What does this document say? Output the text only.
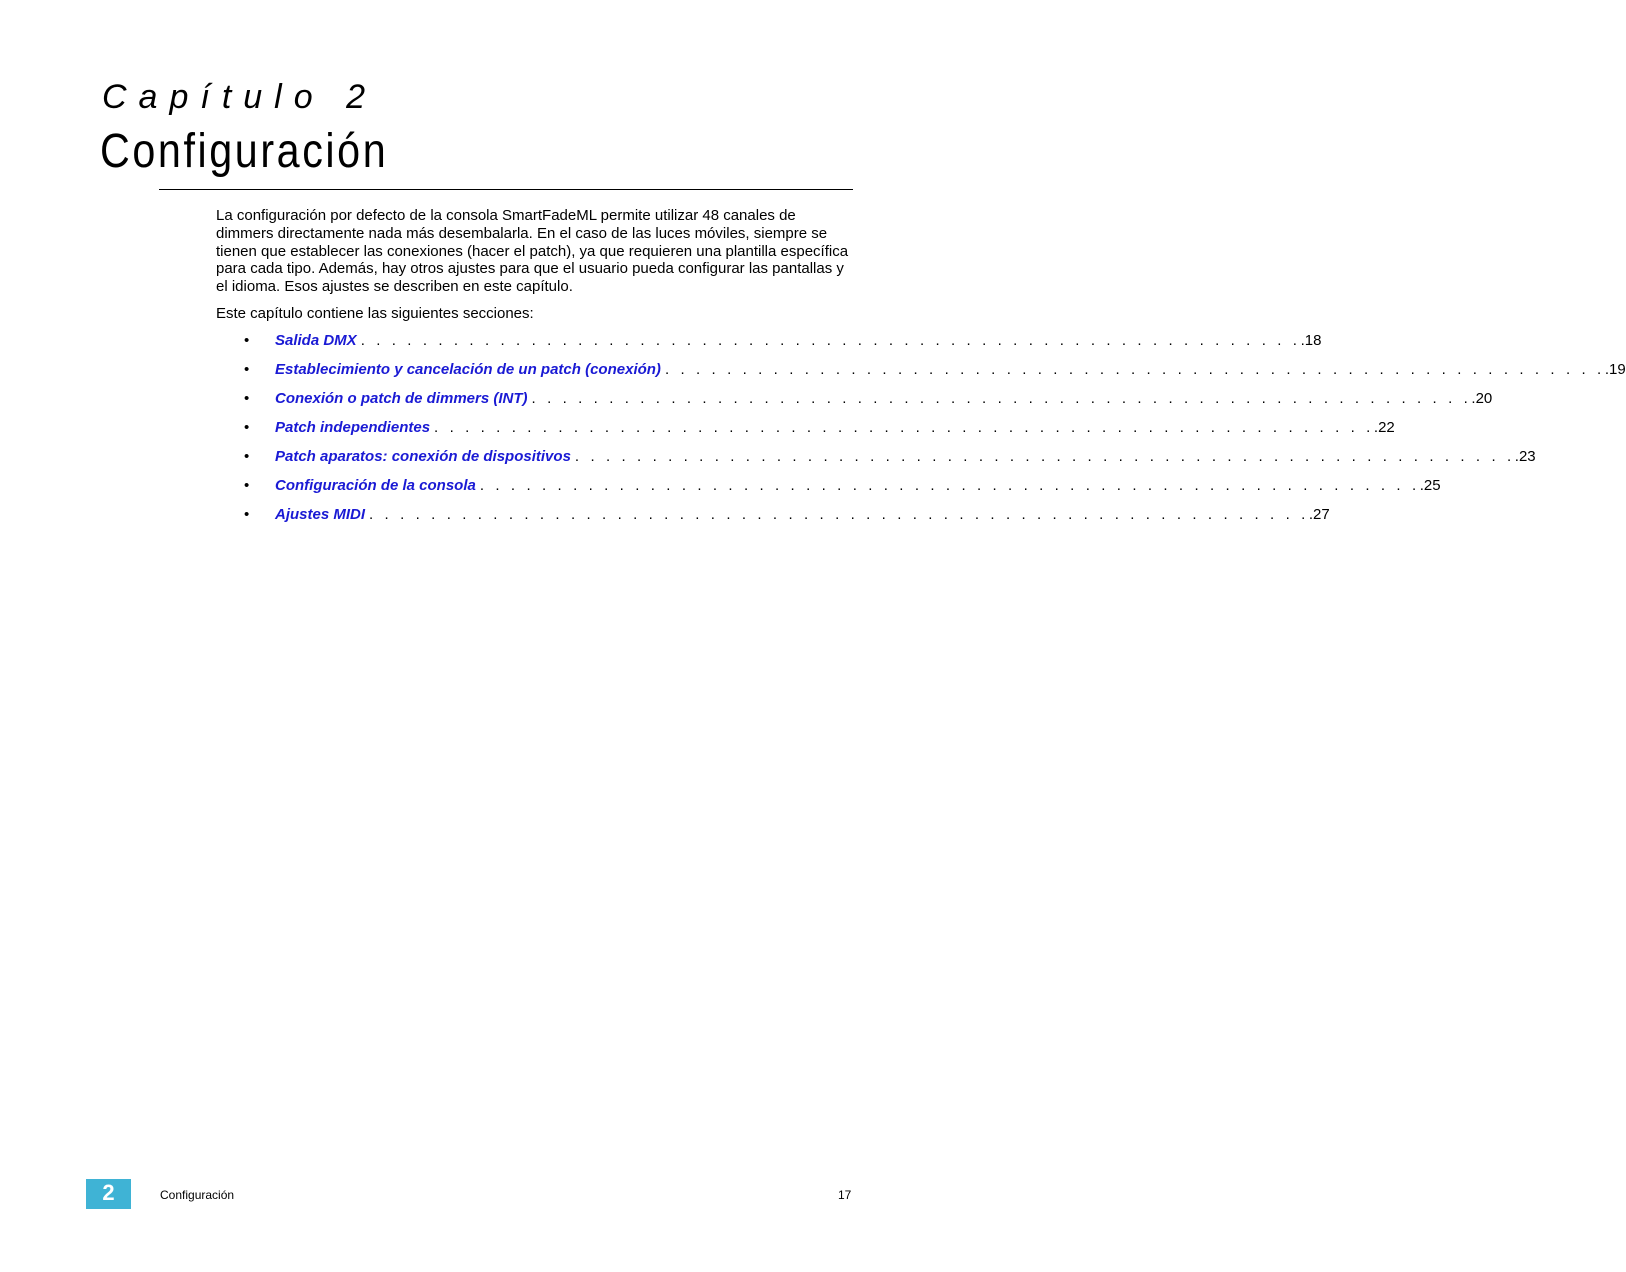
Capítulo 2
Configuración

La configuración por defecto de la consola SmartFadeML permite utilizar 48 canales de dimmers directamente nada más desembalarla. En el caso de las luces móviles, siempre se tienen que establecer las conexiones (hacer el patch), ya que requieren una plantilla específica para cada tipo. Además, hay otros ajustes para que el usuario pueda configurar las pantallas y el idioma. Esos ajustes se describen en este capítulo.

Este capítulo contiene las siguientes secciones:

• Salida DMX . . . . . . . . . . . . . . . . . . . . . . . . . . . . . . . . . . . . . . . . . . . . . . . . . . . . . . . . . . . . . .18
• Establecimiento y cancelación de un patch (conexión) . . . . . . . . . . . . . . . . . . . . . . . . . . . . . . . . . . . . . . . . . . . . . . . . . . . . . . . . . . . . . .19
• Conexión o patch de dimmers (INT) . . . . . . . . . . . . . . . . . . . . . . . . . . . . . . . . . . . . . . . . . . . . . . . . . . . . . . . . . . . . . .20
• Patch independientes . . . . . . . . . . . . . . . . . . . . . . . . . . . . . . . . . . . . . . . . . . . . . . . . . . . . . . . . . . . . . .22
• Patch aparatos: conexión de dispositivos . . . . . . . . . . . . . . . . . . . . . . . . . . . . . . . . . . . . . . . . . . . . . . . . . . . . . . . . . . . . . .23
• Configuración de la consola . . . . . . . . . . . . . . . . . . . . . . . . . . . . . . . . . . . . . . . . . . . . . . . . . . . . . . . . . . . . . .25
• Ajustes MIDI . . . . . . . . . . . . . . . . . . . . . . . . . . . . . . . . . . . . . . . . . . . . . . . . . . . . . . . . . . . . . .27
2	Configuración	17
